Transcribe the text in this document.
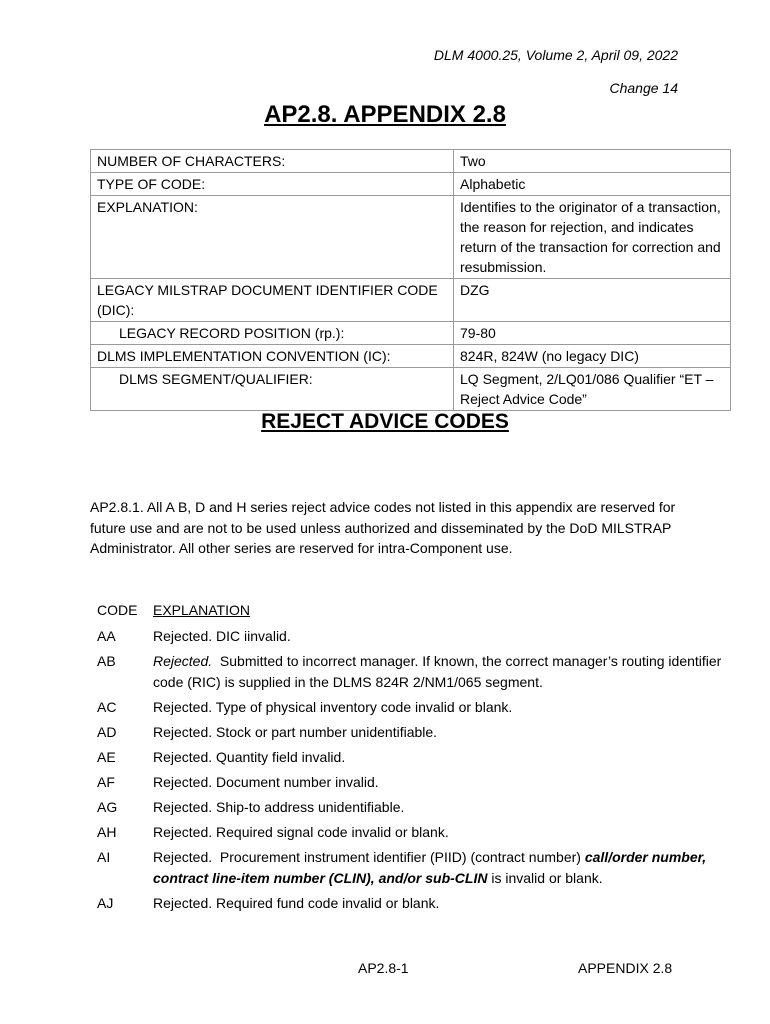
DLM 4000.25, Volume 2, April 09, 2022
Change 14
AP2.8. APPENDIX 2.8
NUMBER OF CHARACTERS:	Two
TYPE OF CODE:	Alphabetic
EXPLANATION:	Identifies to the originator of a transaction, the reason for rejection, and indicates return of the transaction for correction and resubmission.
LEGACY MILSTRAP DOCUMENT IDENTIFIER CODE (DIC):	DZG
LEGACY RECORD POSITION (rp.):	79-80
DLMS IMPLEMENTATION CONVENTION (IC):	824R, 824W (no legacy DIC)
DLMS SEGMENT/QUALIFIER:	LQ Segment, 2/LQ01/086 Qualifier “ET – Reject Advice Code”
REJECT ADVICE CODES
AP2.8.1. All A B, D and H series reject advice codes not listed in this appendix are reserved for future use and are not to be used unless authorized and disseminated by the DoD MILSTRAP Administrator. All other series are reserved for intra-Component use.
CODE EXPLANATION
AA	Rejected. DIC iinvalid.
AB	Rejected.  Submitted to incorrect manager. If known, the correct manager’s routing identifier code (RIC) is supplied in the DLMS 824R 2/NM1/065 segment.
AC	Rejected. Type of physical inventory code invalid or blank.
AD	Rejected. Stock or part number unidentifiable.
AE	Rejected. Quantity field invalid.
AF	Rejected. Document number invalid.
AG	Rejected. Ship-to address unidentifiable.
AH	Rejected. Required signal code invalid or blank.
AI	Rejected.  Procurement instrument identifier (PIID) (contract number) call/order number, contract line-item number (CLIN), and/or sub-CLIN is invalid or blank.
AJ	Rejected. Required fund code invalid or blank.
AP2.8-1	APPENDIX 2.8
